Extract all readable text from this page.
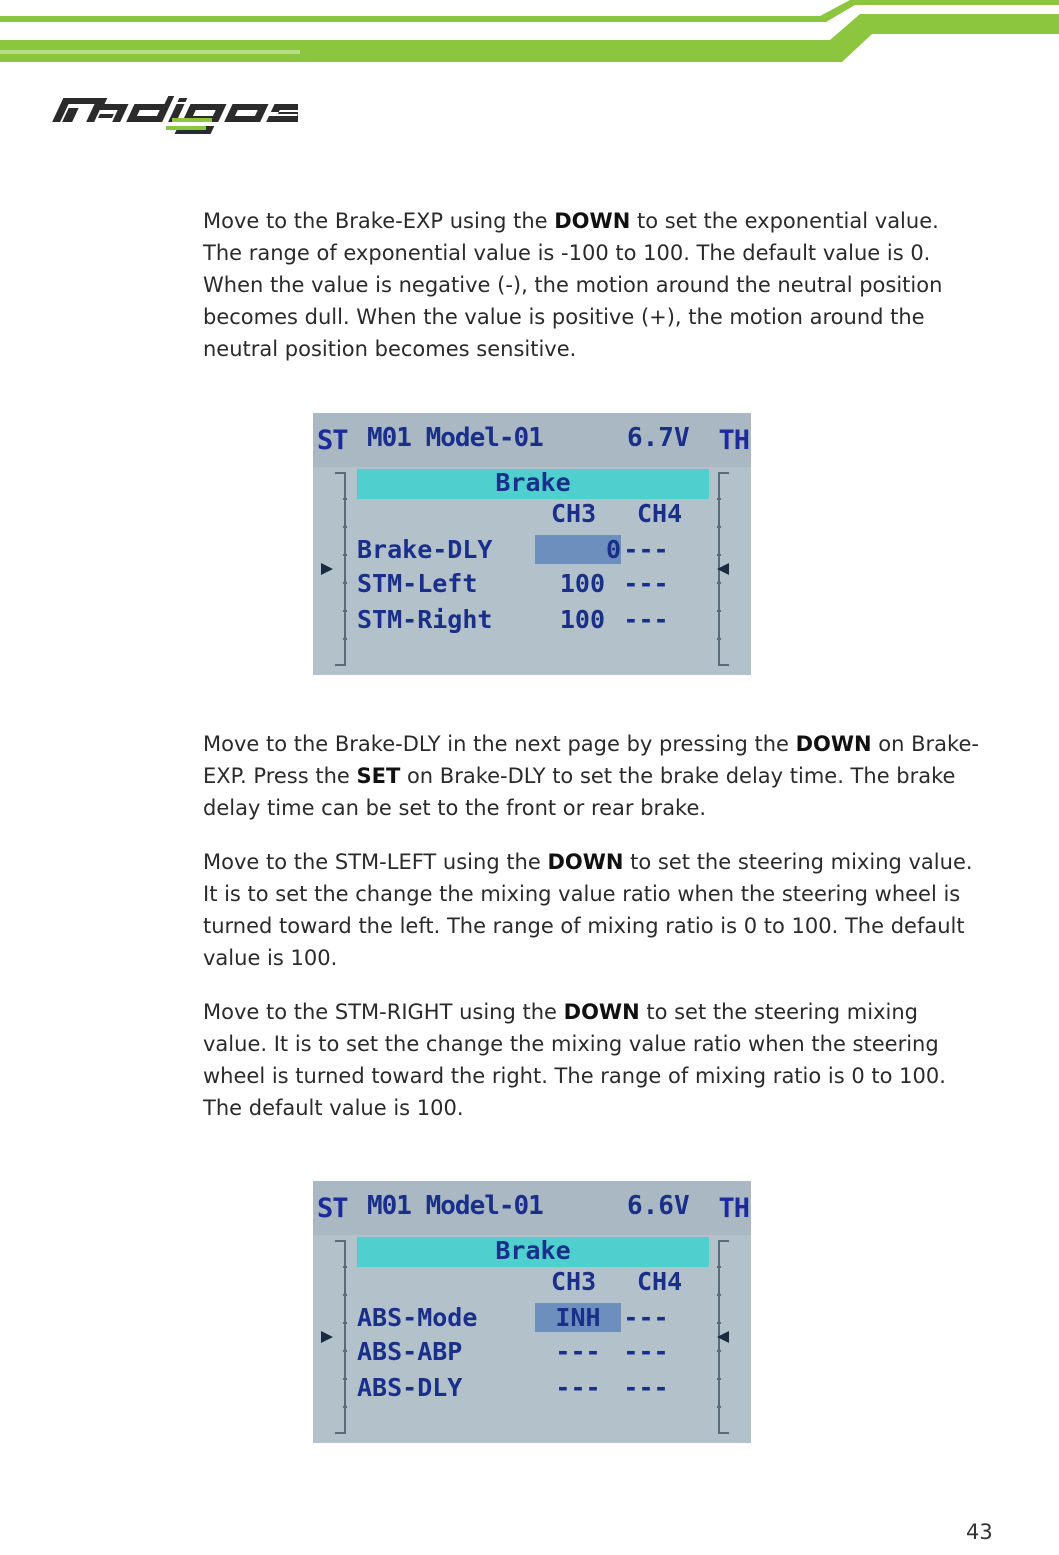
Move to the Brake-EXP using the DOWN to set the exponential value. The range of exponential value is -100 to 100. The default value is 0. When the value is negative (-), the motion around the neutral position becomes dull. When the value is positive (+), the motion around the neutral position becomes sensitive.

ST M01 Model-01	6.7V TH
Brake
CH3 CH4
Brake-DLY	0 ---
STM-Left	100 ---
STM-Right	100 ---

Move to the Brake-DLY in the next page by pressing the DOWN on Brake-EXP. Press the SET on Brake-DLY to set the brake delay time. The brake delay time can be set to the front or rear brake.

Move to the STM-LEFT using the DOWN to set the steering mixing value. It is to set the change the mixing value ratio when the steering wheel is turned toward the left. The range of mixing ratio is 0 to 100. The default value is 100.

Move to the STM-RIGHT using the DOWN to set the steering mixing value. It is to set the change the mixing value ratio when the steering wheel is turned toward the right. The range of mixing ratio is 0 to 100. The default value is 100.

ST M01 Model-01	6.6V TH
Brake
CH3 CH4
ABS-Mode	INH ---
ABS-ABP	--- ---
ABS-DLY	--- ---
43
